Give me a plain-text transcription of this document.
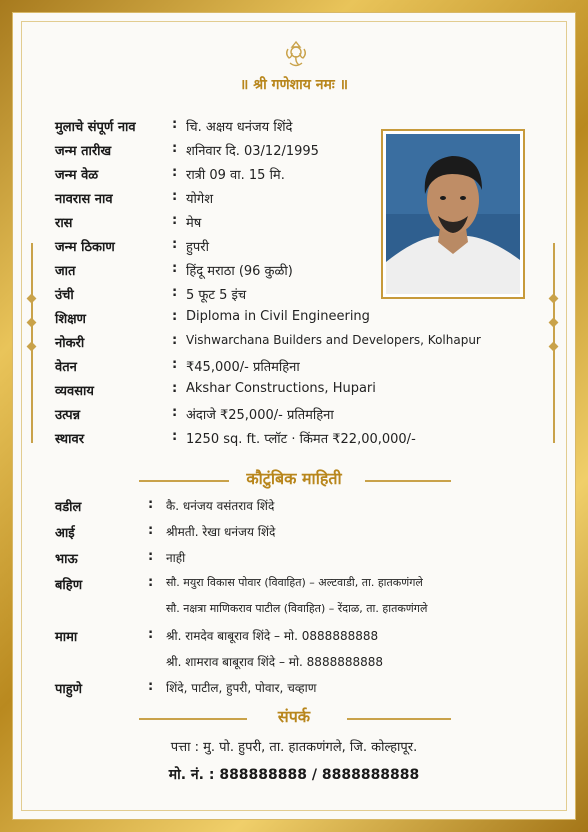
॥ श्री गणेशाय नमः ॥
मुलाचे संपूर्ण नाव	: चि. अक्षय धनंजय शिंदे
जन्म तारीख	: शनिवार दि. 03/12/1995
जन्म वेळ	: रात्री 09 वा. 15 मि.
नावरास नाव	: योगेश
रास	: मेष
जन्म ठिकाण	: हुपरी
जात	: हिंदू मराठा (96 कुळी)
उंची	: 5 फूट 5 इंच
शिक्षण	: Diploma in Civil Engineering
नोकरी	: Vishwarchana Builders and Developers, Kolhapur
वेतन	: ₹45,000/- प्रतिमहिना
व्यवसाय	: Akshar Constructions, Hupari
उत्पन्न	: अंदाजे ₹25,000/- प्रतिमहिना
स्थावर	: 1250 sq. ft. प्लॉट · किंमत ₹22,00,000/-
कौटुंबिक माहिती
वडील	: कै. धनंजय वसंतराव शिंदे
आई	: श्रीमती. रेखा धनंजय शिंदे
भाऊ	: नाही
बहिण	: सौ. मयुरा विकास पोवार (विवाहित) – अल्टवाडी, ता. हातकणंगले
सौ. नक्षत्रा माणिकराव पाटील (विवाहित) – रेंदाळ, ता. हातकणंगले
मामा	: श्री. रामदेव बाबूराव शिंदे – मो. 0888888888
श्री. शामराव बाबूराव शिंदे – मो. 8888888888
पाहुणे	: शिंदे, पाटील, हुपरी, पोवार, चव्हाण
संपर्क
पत्ता : मु. पो. हुपरी, ता. हातकणंगले, जि. कोल्हापूर.
मो. नं. : 888888888 / 8888888888
